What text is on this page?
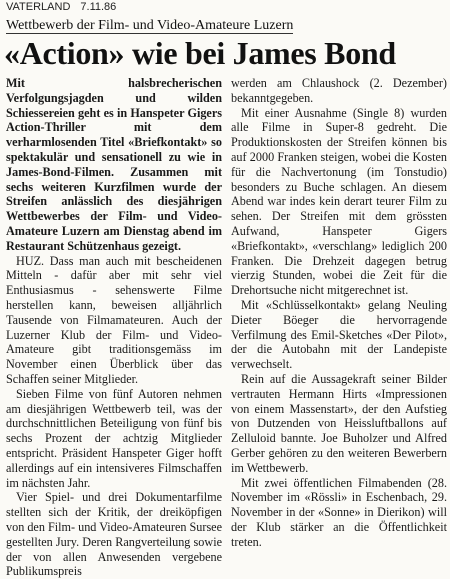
VATERLAND 7.11.86
Wettbewerb der Film- und Video-Amateure Luzern
«Action» wie bei James Bond

Mit halsbrecherischen Verfolgungsjagden und wilden Schiessereien geht es in Hanspeter Gigers Action-Thriller mit dem verharmlosenden Titel «Briefkontakt» so spektakulär und sensationell zu wie in James-Bond-Filmen. Zusammen mit sechs weiteren Kurzfilmen wurde der Streifen anlässlich des diesjährigen Wettbewerbes der Film- und Video-Amateure Luzern am Dienstag abend im Restaurant Schützenhaus gezeigt.

HUZ. Dass man auch mit bescheidenen Mitteln - dafür aber mit sehr viel Enthusiasmus - sehenswerte Filme herstellen kann, beweisen alljährlich Tausende von Filmamateuren. Auch der Luzerner Klub der Film- und Video-Amateure gibt traditionsgemäss im November einen Überblick über das Schaffen seiner Mitglieder.

Sieben Filme von fünf Autoren nehmen am diesjährigen Wettbewerb teil, was der durchschnittlichen Beteiligung von fünf bis sechs Prozent der achtzig Mitglieder entspricht. Präsident Hanspeter Giger hofft allerdings auf ein intensiveres Filmschaffen im nächsten Jahr.

Vier Spiel- und drei Dokumentarfilme stellten sich der Kritik, der dreiköpfigen von den Film- und Video-Amateuren Sursee gestellten Jury. Deren Rangverteilung sowie der von allen Anwesenden vergebene Publikumspreis

werden am Chlaushock (2. Dezember) bekanntgegeben.

Mit einer Ausnahme (Single 8) wurden alle Filme in Super-8 gedreht. Die Produktionskosten der Streifen können bis auf 2000 Franken steigen, wobei die Kosten für die Nachvertonung (im Tonstudio) besonders zu Buche schlagen. An diesem Abend war indes kein derart teurer Film zu sehen. Der Streifen mit dem grössten Aufwand, Hanspeter Gigers «Briefkontakt», «verschlang» lediglich 200 Franken. Die Drehzeit dagegen betrug vierzig Stunden, wobei die Zeit für die Drehortsuche nicht mitgerechnet ist.

Mit «Schlüsselkontakt» gelang Neuling Dieter Böeger die hervorragende Verfilmung des Emil-Sketches «Der Pilot», der die Autobahn mit der Landepiste verwechselt.

Rein auf die Aussagekraft seiner Bilder vertrauten Hermann Hirts «Impressionen von einem Massenstart», der den Aufstieg von Dutzenden von Heissluftballons auf Zelluloid bannte. Joe Buholzer und Alfred Gerber gehören zu den weiteren Bewerbern im Wettbewerb.

Mit zwei öffentlichen Filmabenden (28. November im «Rössli» in Eschenbach, 29. November in der «Sonne» in Dierikon) will der Klub stärker an die Öffentlichkeit treten.
